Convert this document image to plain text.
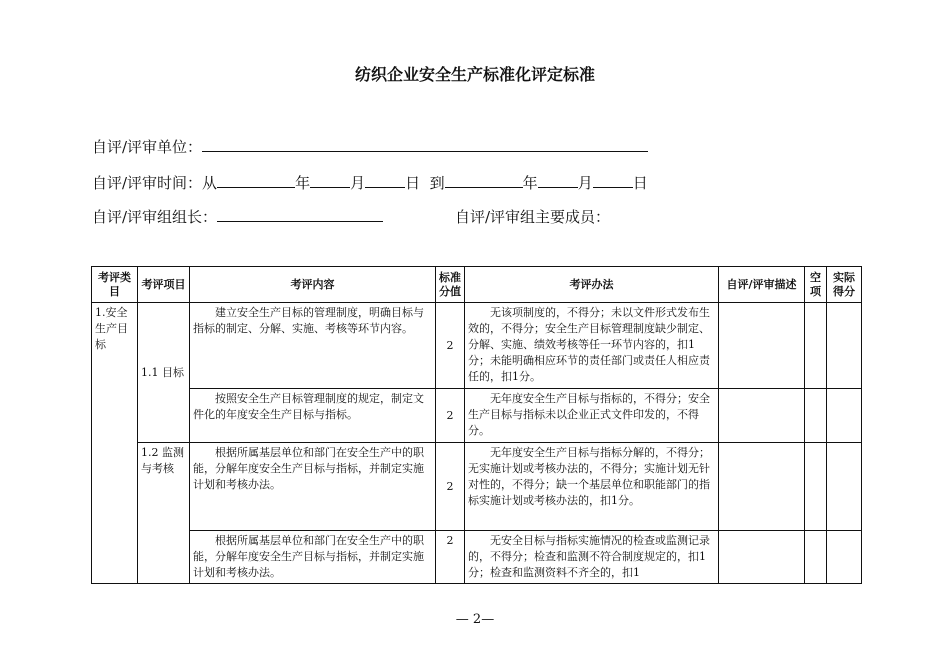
纺织企业安全生产标准化评定标准
自评/评审单位：
自评/评审时间：从	年	月	日 到	年	月	日
自评/评审组组长：	自评/评审组主要成员：
考评类目	考评项目	考评内容	标准分值	考评办法	自评/评审描述	空项	实际得分
1.安全生产目标	1.1 目标	建立安全生产目标的管理制度，明确目标与指标的制定、分解、实施、考核等环节内容。	2	无该项制度的，不得分；未以文件形式发布生效的，不得分；安全生产目标管理制度缺少制定、分解、实施、绩效考核等任一环节内容的，扣1分；未能明确相应环节的责任部门或责任人相应责任的，扣1分。			
		按照安全生产目标管理制度的规定，制定文件化的年度安全生产目标与指标。	2	无年度安全生产目标与指标的，不得分；安全生产目标与指标未以企业正式文件印发的，不得分。			
	1.2 监测与考核	根据所属基层单位和部门在安全生产中的职能，分解年度安全生产目标与指标，并制定实施计划和考核办法。	2	无年度安全生产目标与指标分解的，不得分；无实施计划或考核办法的，不得分；实施计划无针对性的，不得分；缺一个基层单位和职能部门的指标实施计划或考核办法的，扣1分。			
		根据所属基层单位和部门在安全生产中的职能，分解年度安全生产目标与指标，并制定实施计划和考核办法。	2	无安全目标与指标实施情况的检查或监测记录的，不得分；检查和监测不符合制度规定的，扣1分；检查和监测资料不齐全的，扣1			
— 2—
